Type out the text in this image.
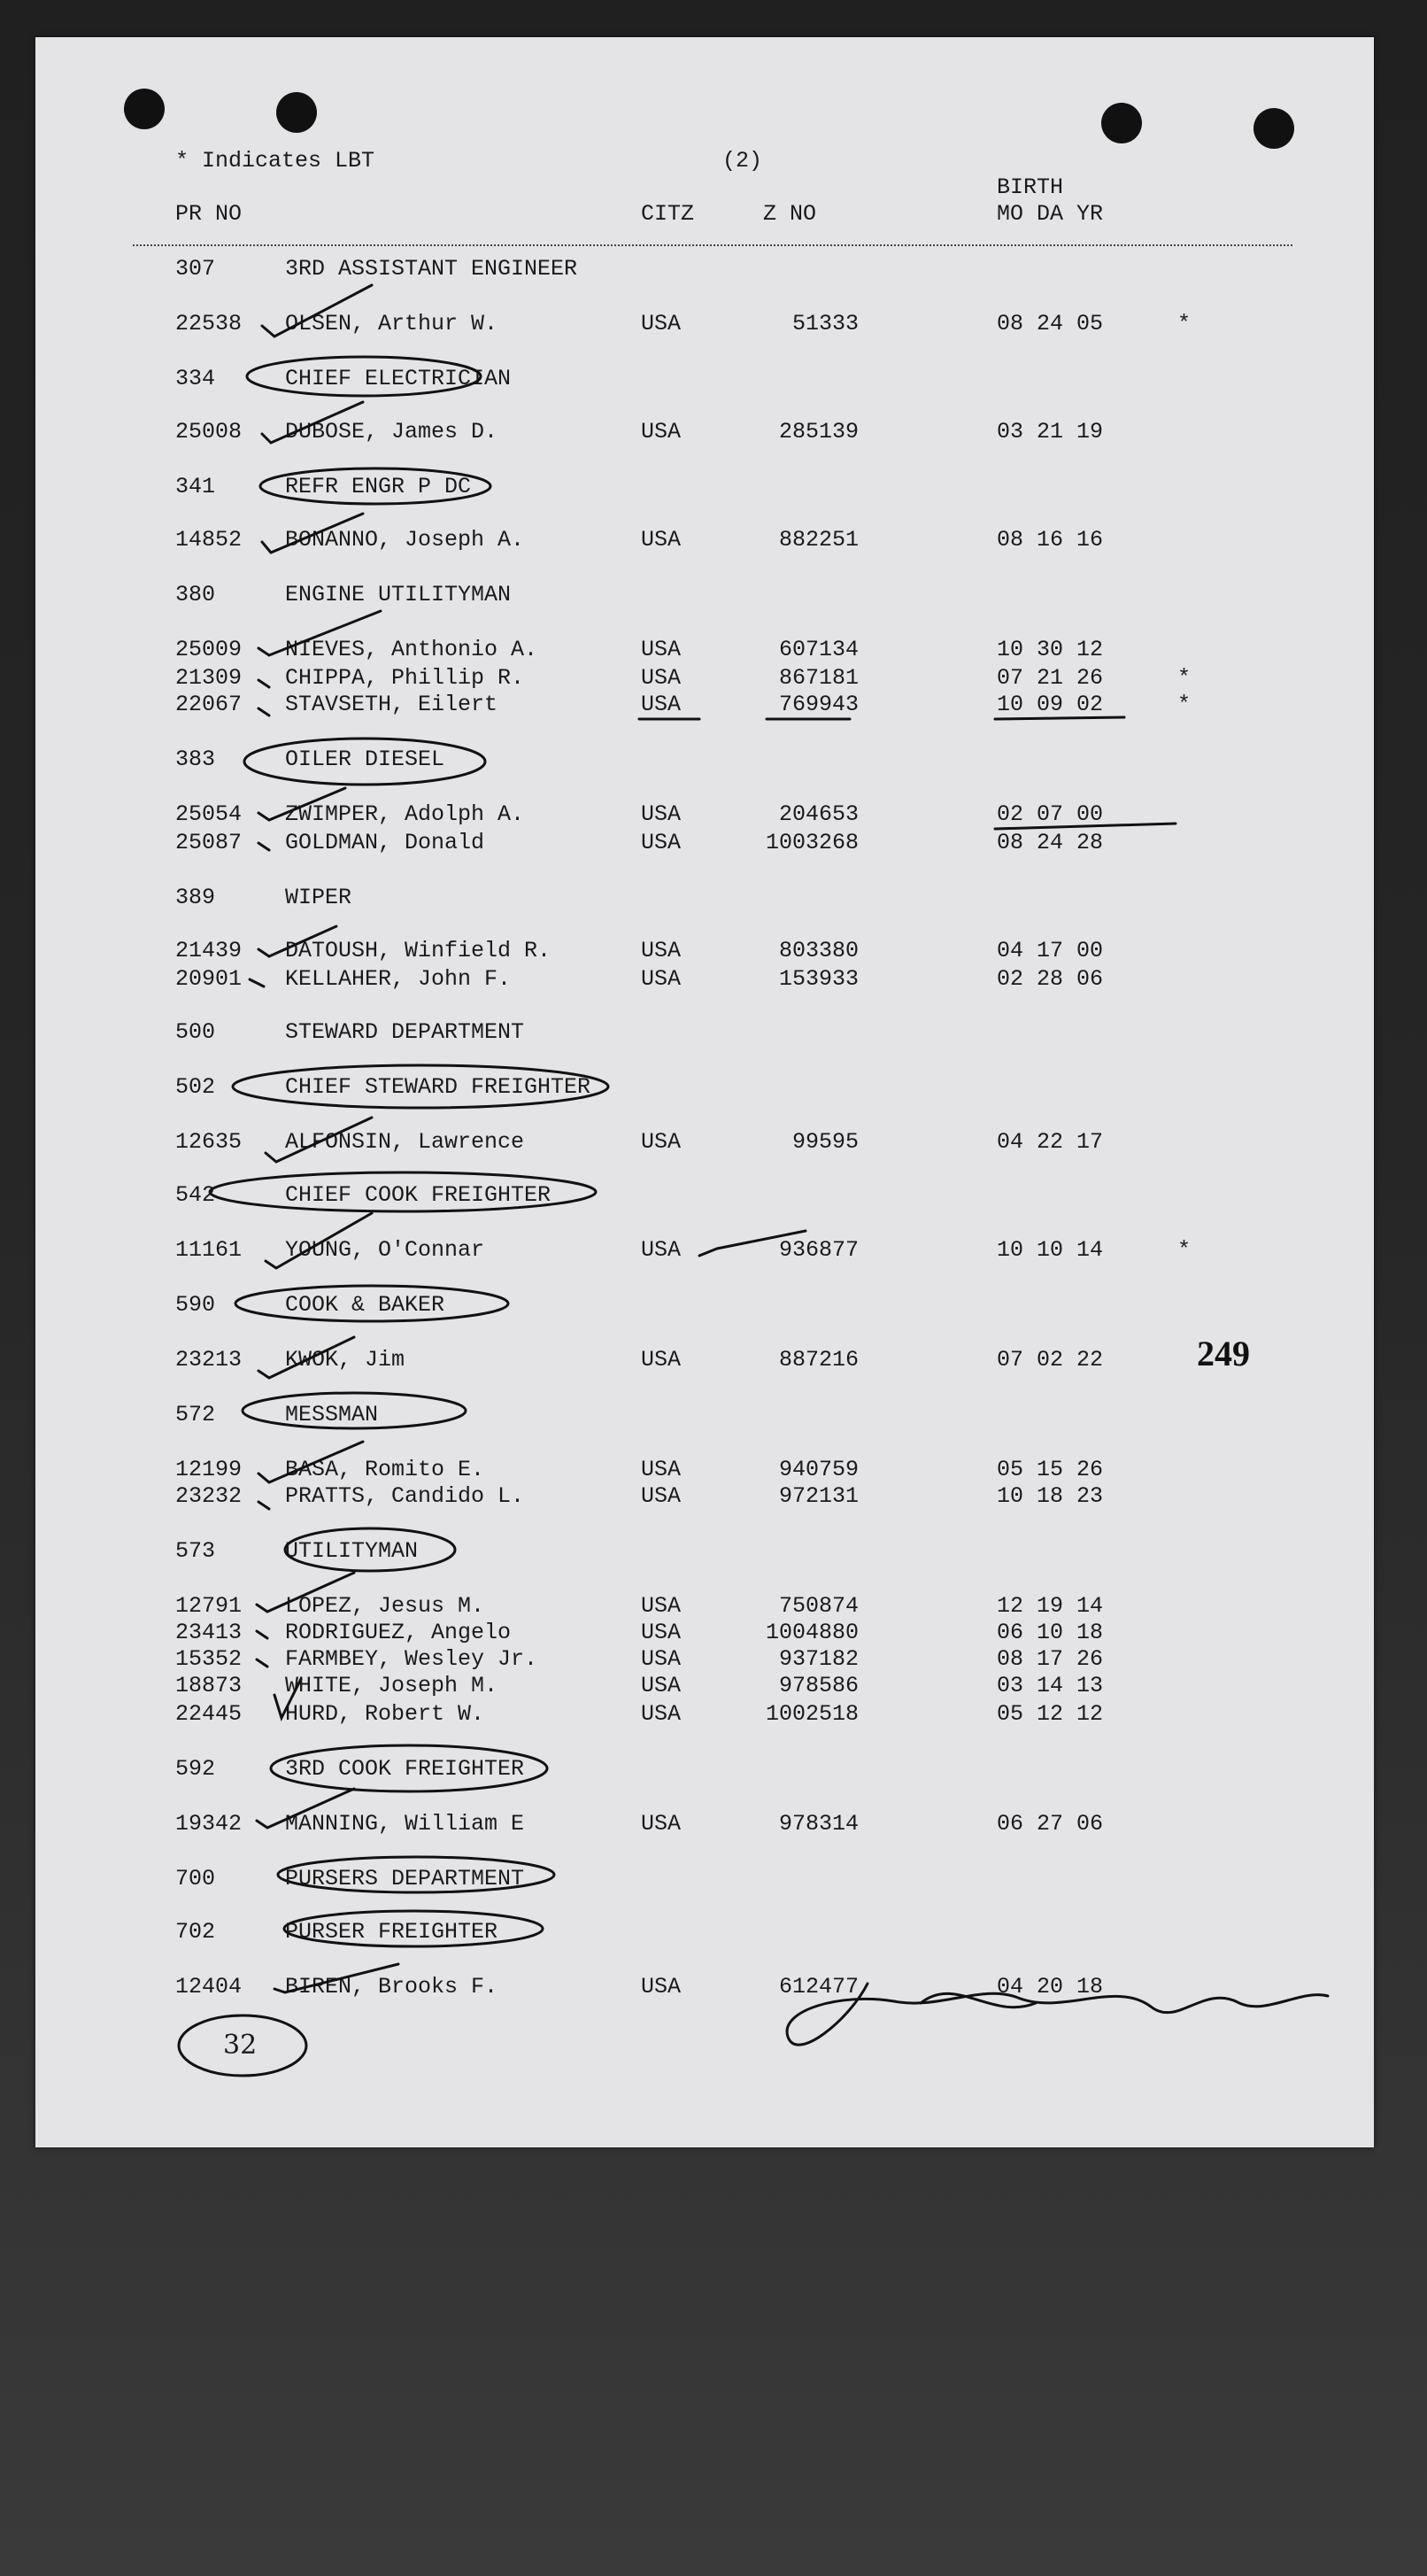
* Indicates LBT	(2)
BIRTH
PR NO	CITZ	Z NO	MO DA YR
307	3RD ASSISTANT ENGINEER
22538 OLSEN, Arthur W.	USA	51333	08 24 05	*
334	CHIEF ELECTRICIAN
25008 DUBOSE, James D.	USA	285139	03 21 19
341	REFR ENGR P DC
14852 BONANNO, Joseph A.	USA	882251	08 16 16
380	ENGINE UTILITYMAN
25009 NIEVES, Anthonio A.	USA	607134	10 30 12
21309 CHIPPA, Phillip R.	USA	867181	07 21 26	*
22067 STAVSETH, Eilert	USA	769943	10 09 02	*
383	OILER DIESEL
25054 ZWIMPER, Adolph A.	USA	204653	02 07 00
25087 GOLDMAN, Donald	USA	1003268	08 24 28
389	WIPER
21439 DATOUSH, Winfield R.	USA	803380	04 17 00
20901 KELLAHER, John F.	USA	153933	02 28 06
500	STEWARD DEPARTMENT
502	CHIEF STEWARD FREIGHTER
12635 ALFONSIN, Lawrence	USA	99595	04 22 17
542	CHIEF COOK FREIGHTER
11161 YOUNG, O'Connar	USA	936877	10 10 14	*
590	COOK & BAKER
23213 KWOK, Jim	USA	887216	07 02 22
572	MESSMAN
12199 BASA, Romito E.	USA	940759	05 15 26
23232 PRATTS, Candido L.	USA	972131	10 18 23
573	UTILITYMAN
12791 LOPEZ, Jesus M.	USA	750874	12 19 14
23413 RODRIGUEZ, Angelo	USA	1004880	06 10 18
15352 FARMBEY, Wesley Jr.	USA	937182	08 17 26
18873 WHITE, Joseph M.	USA	978586	03 14 13
22445 HURD, Robert W.	USA	1002518	05 12 12
592	3RD COOK FREIGHTER
19342 MANNING, William E	USA	978314	06 27 06
700	PURSERS DEPARTMENT
702	PURSER FREIGHTER
12404 BIREN, Brooks F.	USA	612477	04 20 18
249
32
